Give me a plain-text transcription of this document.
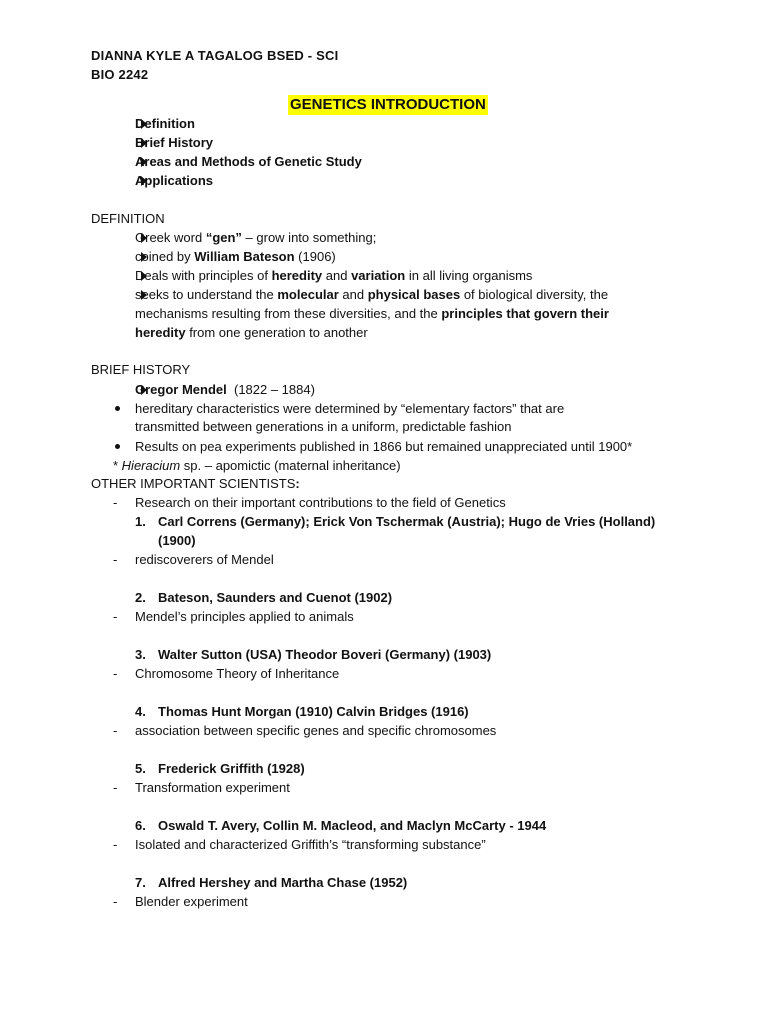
DIANNA KYLE A TAGALOG BSED - SCI
BIO 2242
GENETICS INTRODUCTION
Definition
Brief History
Areas and Methods of Genetic Study
Applications
DEFINITION
Greek word “gen” – grow into something;
coined by William Bateson (1906)
Deals with principles of heredity and variation in all living organisms
seeks to understand the molecular and physical bases of biological diversity, the
mechanisms resulting from these diversities, and the principles that govern their
heredity from one generation to another
BRIEF HISTORY
Gregor Mendel (1822 – 1884)
hereditary characteristics were determined by “elementary factors” that are
transmitted between generations in a uniform, predictable fashion
Results on pea experiments published in 1866 but remained unappreciated until 1900*
* Hieracium sp. – apomictic (maternal inheritance)
OTHER IMPORTANT SCIENTISTS:
- Research on their important contributions to the field of Genetics
1. Carl Correns (Germany); Erick Von Tschermak (Austria); Hugo de Vries (Holland)
(1900)
- rediscoverers of Mendel
2. Bateson, Saunders and Cuenot (1902)
- Mendel’s principles applied to animals
3. Walter Sutton (USA) Theodor Boveri (Germany) (1903)
- Chromosome Theory of Inheritance
4. Thomas Hunt Morgan (1910) Calvin Bridges (1916)
- association between specific genes and specific chromosomes
5. Frederick Griffith (1928)
- Transformation experiment
6. Oswald T. Avery, Collin M. Macleod, and Maclyn McCarty - 1944
- Isolated and characterized Griffith’s “transforming substance”
7. Alfred Hershey and Martha Chase (1952)
- Blender experiment
